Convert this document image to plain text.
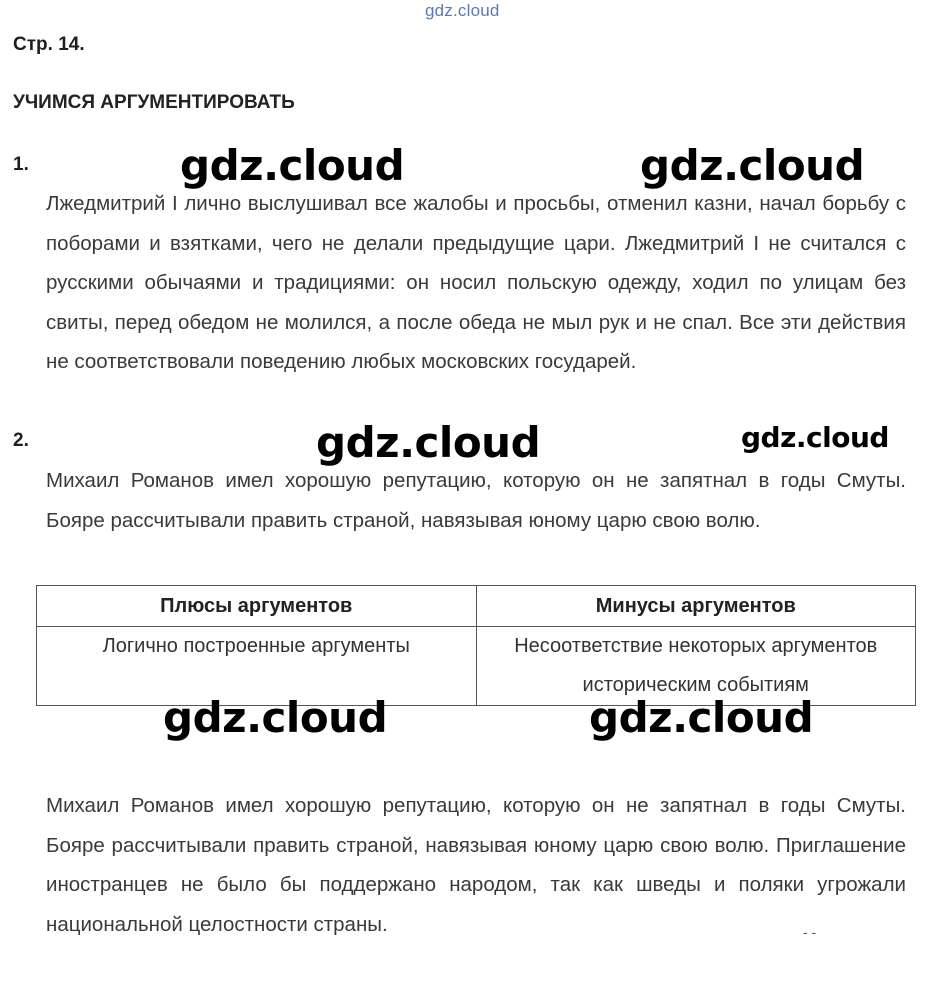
gdz.cloud
Стр. 14.
УЧИМСЯ АРГУМЕНТИРОВАТЬ
1.	gdz.cloud	gdz.cloud
Лжедмитрий I лично выслушивал все жалобы и просьбы, отменил казни, начал борьбу с поборами и взятками, чего не делали предыдущие цари. Лжедмитрий I не считался с русскими обычаями и традициями: он носил польскую одежду, ходил по улицам без свиты, перед обедом не молился, а после обеда не мыл рук и не спал. Все эти действия не соответствовали поведению любых московских государей.
2.	gdz.cloud	gdz.cloud
Михаил Романов имел хорошую репутацию, которую он не запятнал в годы Смуты. Бояре рассчитывали править страной, навязывая юному царю свою волю.
Плюсы аргументов	Минусы аргументов
Логично построенные аргументы	Несоответствие некоторых аргументов историческим событиям
gdz.cloud	gdz.cloud
Михаил Романов имел хорошую репутацию, которую он не запятнал в годы Смуты. Бояре рассчитывали править страной, навязывая юному царю свою волю. Приглашение иностранцев не было бы поддержано народом, так как шведы и поляки угрожали национальной целостности страны.	- -
